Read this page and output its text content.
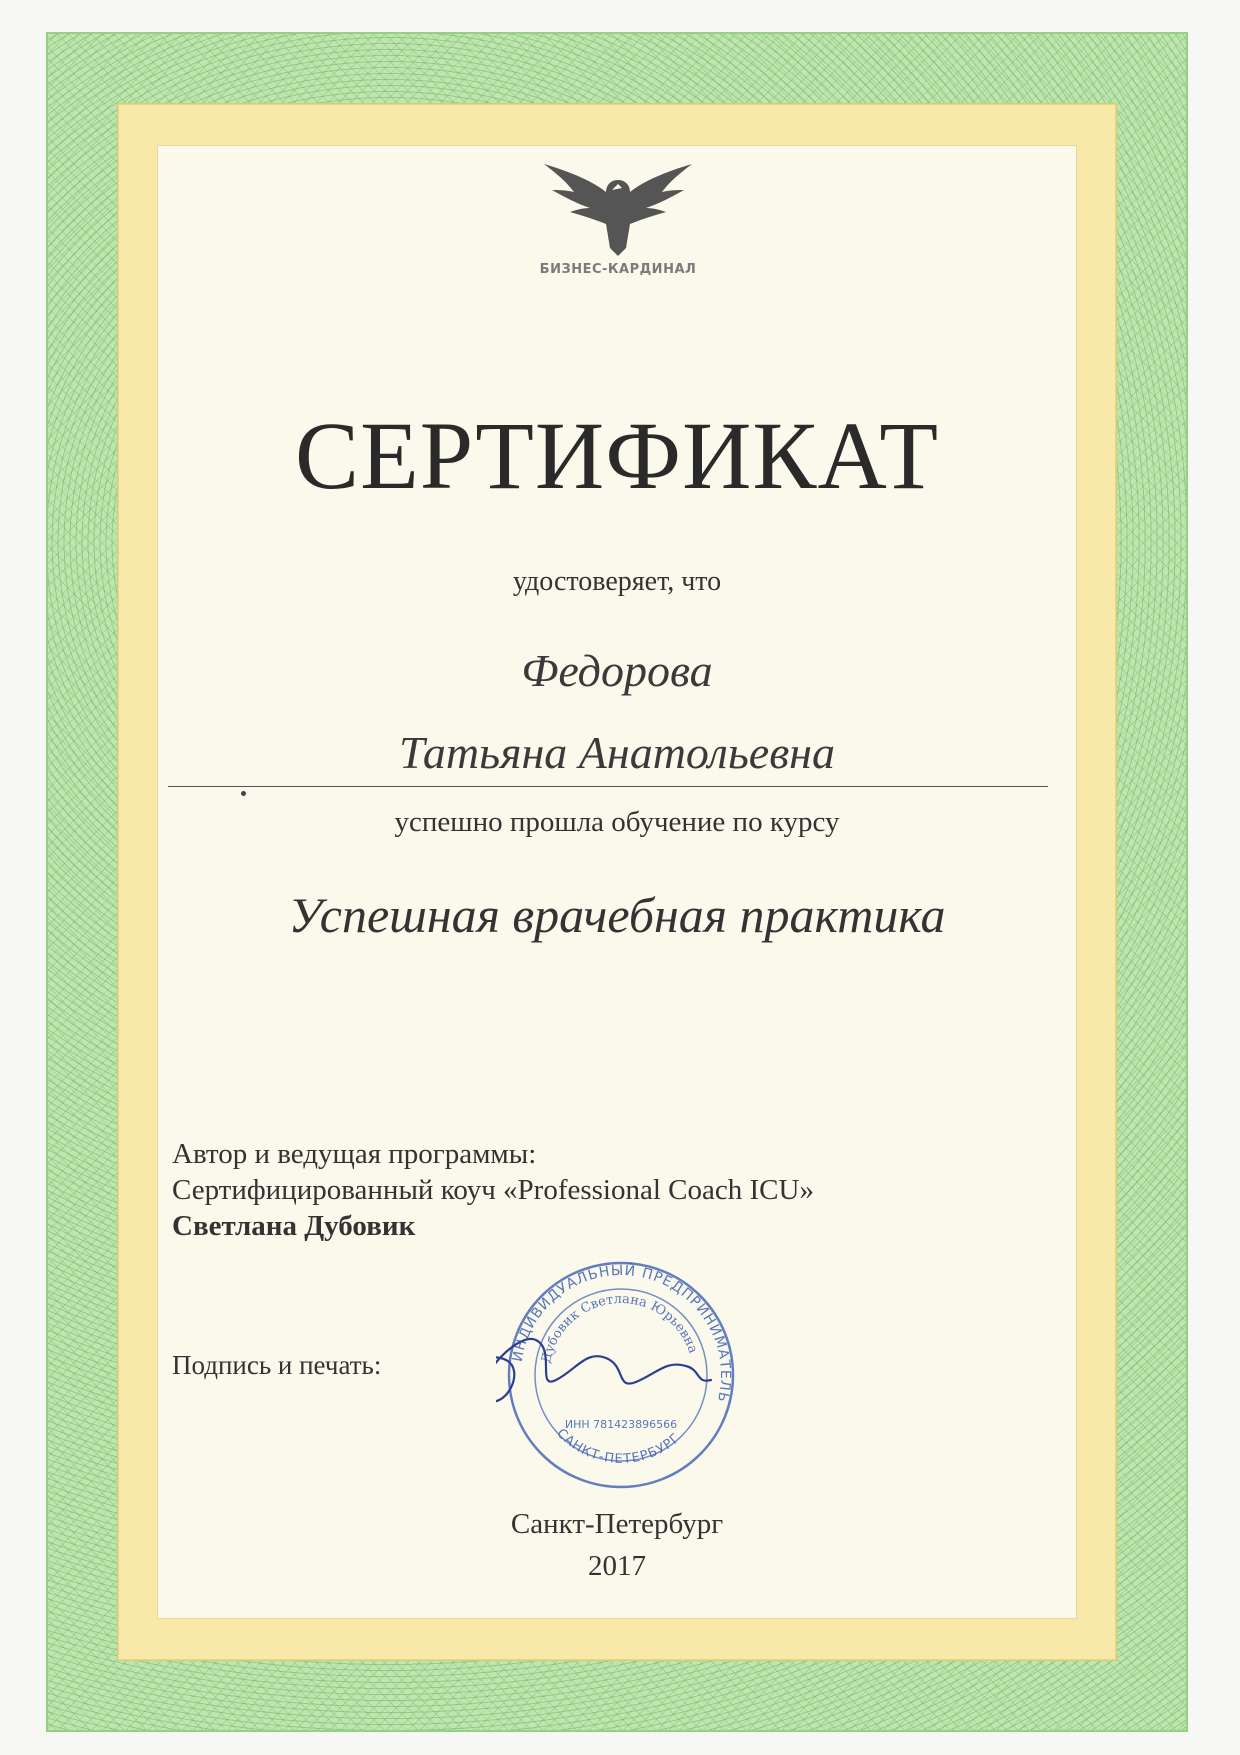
БИЗНЕС-КАРДИНАЛ
СЕРТИФИКАТ
удостоверяет, что
Федорова
Татьяна Анатольевна
успешно прошла обучение по курсу
Успешная врачебная практика
Автор и ведущая программы:
Сертифицированный коуч «Professional Coach ICU»
Светлана Дубовик
Подпись и печать:	ИНДИВИДУАЛЬНЫЙ ПРЕДПРИНИМАТЕЛЬ
Дубовик Светлана Юрьевна
ИНН 781423896566
САНКТ-ПЕТЕРБУРГ
Санкт-Петербург
2017
